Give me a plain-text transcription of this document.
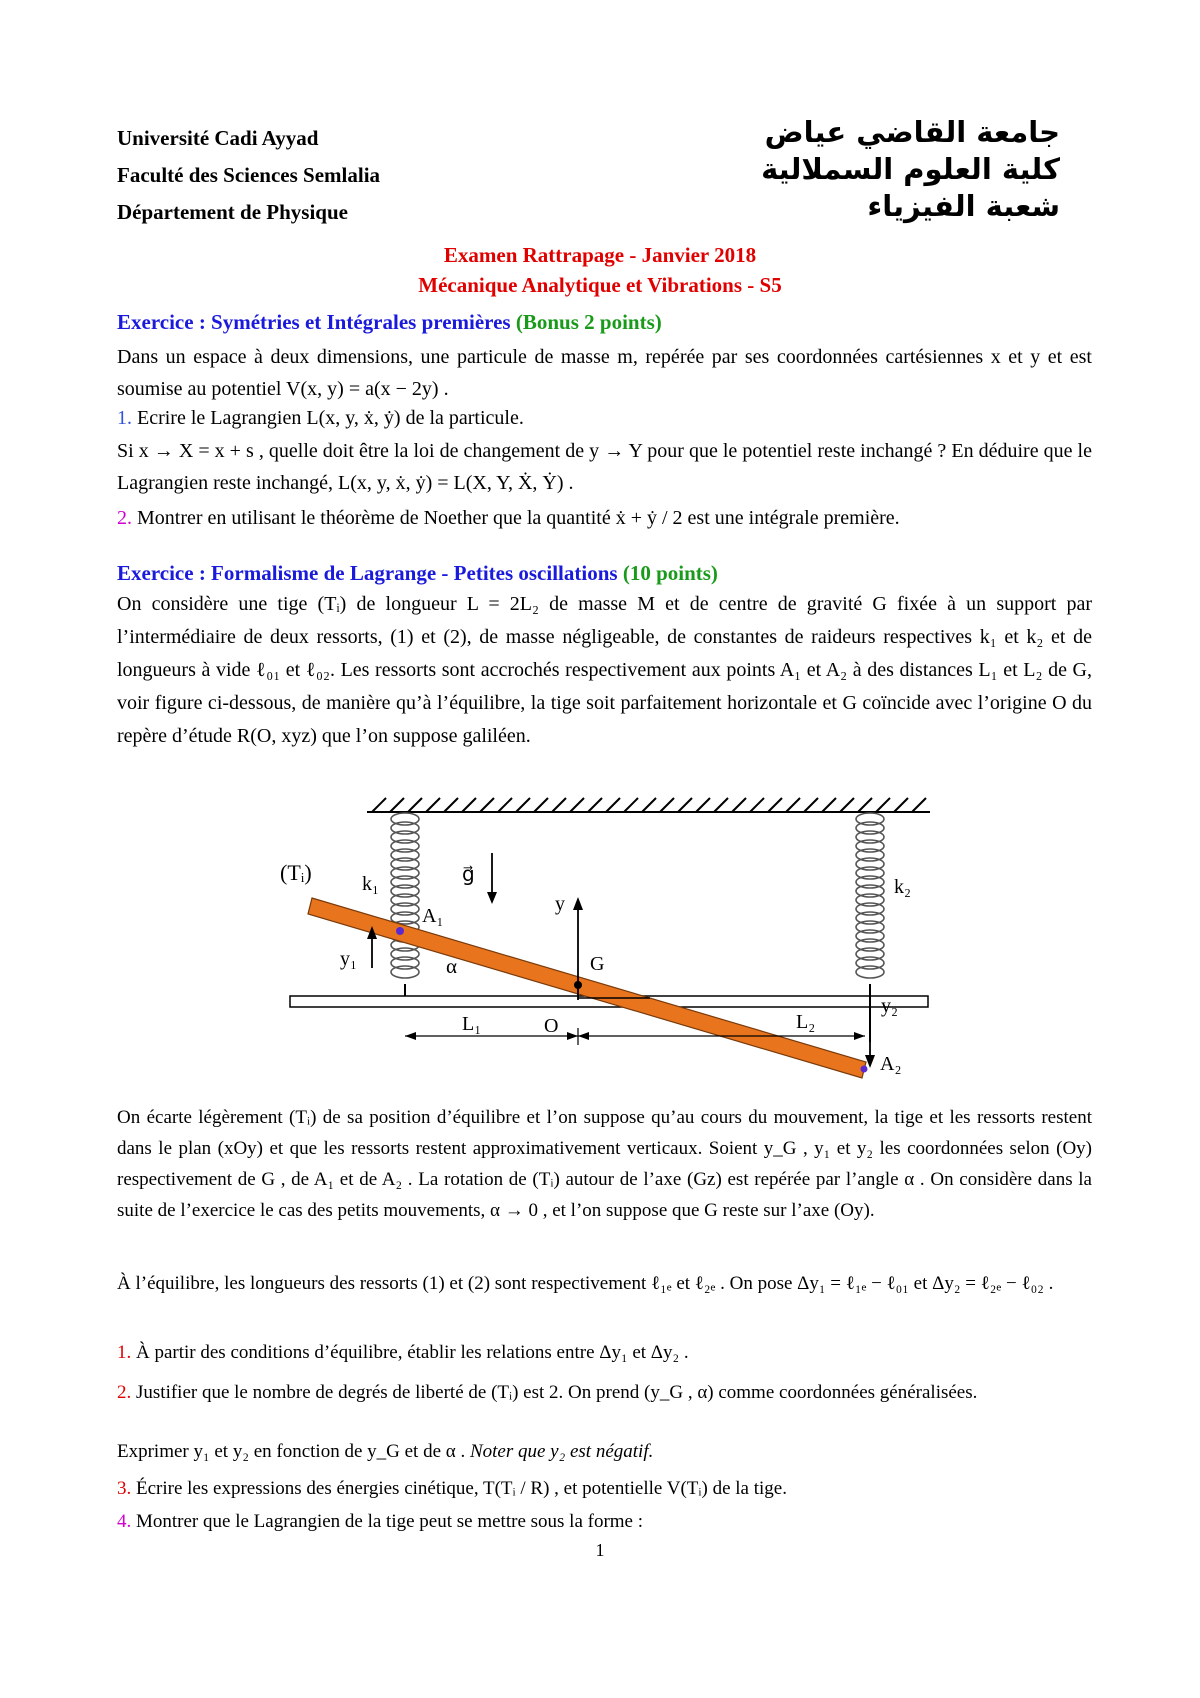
Université Cadi Ayyad
Faculté des Sciences Semlalia
Département de Physique
جامعة القاضي عياض
كلية العلوم السملالية
شعبة الفيزياء
Examen Rattrapage - Janvier 2018
Mécanique Analytique et Vibrations - S5
Exercice : Symétries et Intégrales premières (Bonus 2 points)
Dans un espace à deux dimensions, une particule de masse m, repérée par ses coordonnées cartésiennes x et y et est soumise au potentiel V(x, y) = a(x − 2y) .
1. Ecrire le Lagrangien L(x, y, ẋ, ẏ) de la particule.
Si x → X = x + s , quelle doit être la loi de changement de y → Y pour que le potentiel reste inchangé ? En déduire que le Lagrangien reste inchangé, L(x, y, ẋ, ẏ) = L(X, Y, Ẋ, Ẏ) .
2. Montrer en utilisant le théorème de Noether que la quantité ẋ + ẏ / 2 est une intégrale première.
Exercice : Formalisme de Lagrange - Petites oscillations (10 points)
On considère une tige (Tᵢ) de longueur L = 2L₂ de masse M et de centre de gravité G fixée à un support par l’intermédiaire de deux ressorts, (1) et (2), de masse négligeable, de constantes de raideurs respectives k₁ et k₂ et de longueurs à vide ℓ₀₁ et ℓ₀₂. Les ressorts sont accrochés respectivement aux points A₁ et A₂ à des distances L₁ et L₂ de G, voir figure ci-dessous, de manière qu’à l’équilibre, la tige soit parfaitement horizontale et G coïncide avec l’origine O du repère d’étude R(O, xyz) que l’on suppose galiléen.
(Tᵢ)	k₁	k₂
g⃗
y
A₁
y₁	α	G
y₂
L₁	O	L₂
A₂
On écarte légèrement (Tᵢ) de sa position d’équilibre et l’on suppose qu’au cours du mouvement, la tige et les ressorts restent dans le plan (xOy) et que les ressorts restent approximativement verticaux. Soient y_G , y₁ et y₂ les coordonnées selon (Oy) respectivement de G , de A₁ et de A₂ . La rotation de (Tᵢ) autour de l’axe (Gz) est repérée par l’angle α . On considère dans la suite de l’exercice le cas des petits mouvements, α → 0 , et l’on suppose que G reste sur l’axe (Oy).
À l’équilibre, les longueurs des ressorts (1) et (2) sont respectivement ℓ₁ₑ et ℓ₂ₑ . On pose Δy₁ = ℓ₁ₑ − ℓ₀₁ et Δy₂ = ℓ₂ₑ − ℓ₀₂ .
1. À partir des conditions d’équilibre, établir les relations entre Δy₁ et Δy₂ .
2. Justifier que le nombre de degrés de liberté de (Tᵢ) est 2. On prend (y_G , α) comme coordonnées généralisées.
Exprimer y₁ et y₂ en fonction de y_G et de α . Noter que y₂ est négatif.
3. Écrire les expressions des énergies cinétique, T(Tᵢ / R) , et potentielle V(Tᵢ) de la tige.
4. Montrer que le Lagrangien de la tige peut se mettre sous la forme :
1
